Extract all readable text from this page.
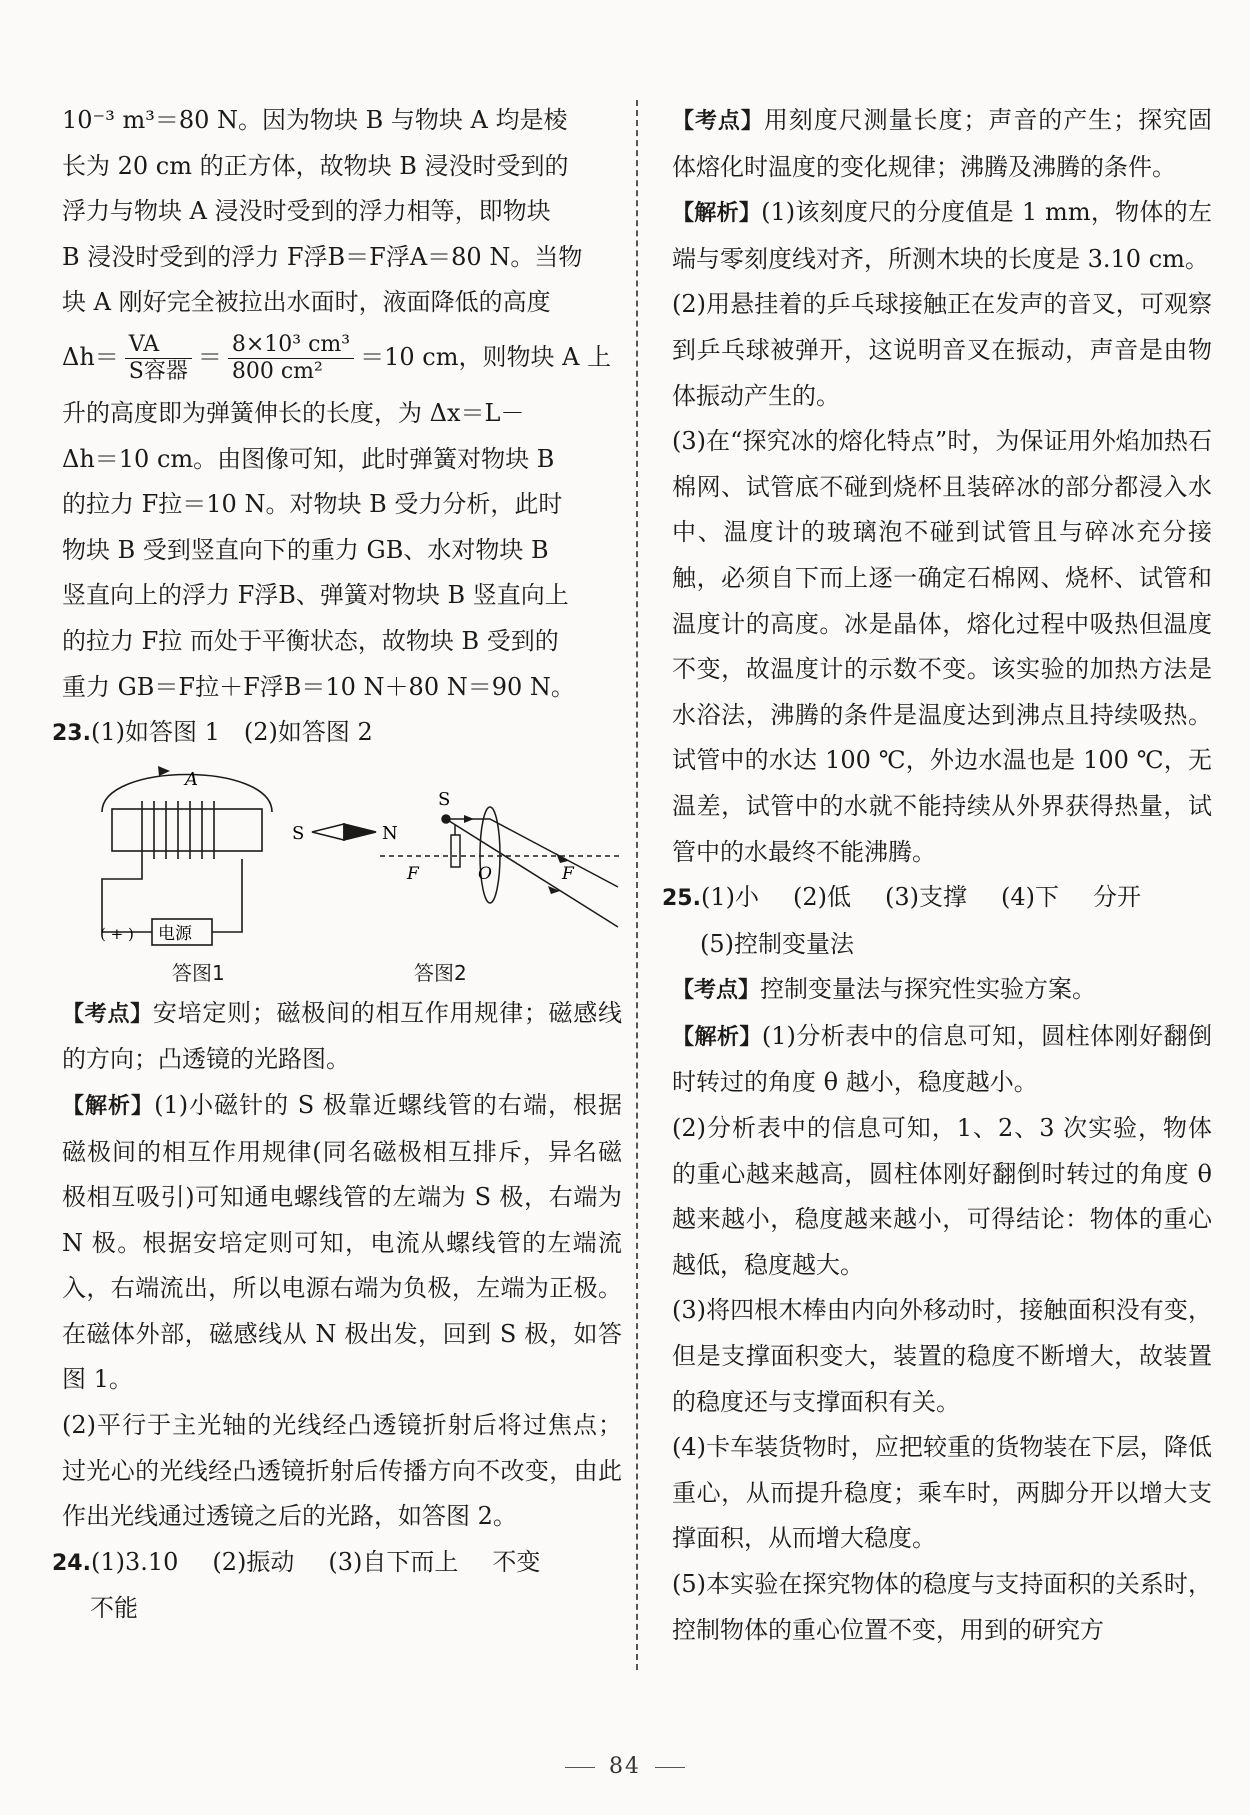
10⁻³ m³＝80 N。因为物块 B 与物块 A 均是棱

长为 20 cm 的正方体，故物块 B 浸没时受到的

浮力与物块 A 浸没时受到的浮力相等，即物块

B 浸没时受到的浮力 F浮B＝F浮A＝80 N。当物

块 A 刚好完全被拉出水面时，液面降低的高度

$\Delta h= \frac{VA}{\text{S容器}} = \frac{\text{8×10³ cm³}}{\text{800 cm²}} =10$ cm，则物块 A 上

升的高度即为弹簧伸长的长度，为 Δx＝L－

Δh＝10 cm。由图像可知，此时弹簧对物块 B

的拉力 F拉＝10 N。对物块 B 受力分析，此时

物块 B 受到竖直向下的重力 GB、水对物块 B

竖直向上的浮力 F浮B、弹簧对物块 B 竖直向上

的拉力 F拉 而处于平衡状态，故物块 B 受到的

重力 GB＝F拉＋F浮B＝10 N＋80 N＝90 N。

23.(1)如答图 1　(2)如答图 2

A
S	N
电源
( + )
S
F	O	F
答图1	答图2

【考点】安培定则；磁极间的相互作用规律；磁感线的方向；凸透镜的光路图。

【解析】(1)小磁针的 S 极靠近螺线管的右端，根据磁极间的相互作用规律(同名磁极相互排斥，异名磁极相互吸引)可知通电螺线管的左端为 S 极，右端为 N 极。根据安培定则可知，电流从螺线管的左端流入，右端流出，所以电源右端为负极，左端为正极。在磁体外部，磁感线从 N 极出发，回到 S 极，如答图 1。

(2)平行于主光轴的光线经凸透镜折射后将过焦点；过光心的光线经凸透镜折射后传播方向不改变，由此作出光线通过透镜之后的光路，如答图 2。

24.(1)3.10 (2)振动 (3)自下而上 不变

不能

【考点】用刻度尺测量长度；声音的产生；探究固体熔化时温度的变化规律；沸腾及沸腾的条件。

【解析】(1)该刻度尺的分度值是 1 mm，物体的左端与零刻度线对齐，所测木块的长度是 3.10 cm。

(2)用悬挂着的乒乓球接触正在发声的音叉，可观察到乒乓球被弹开，这说明音叉在振动，声音是由物体振动产生的。

(3)在“探究冰的熔化特点”时，为保证用外焰加热石棉网、试管底不碰到烧杯且装碎冰的部分都浸入水中、温度计的玻璃泡不碰到试管且与碎冰充分接触，必须自下而上逐一确定石棉网、烧杯、试管和温度计的高度。冰是晶体，熔化过程中吸热但温度不变，故温度计的示数不变。该实验的加热方法是水浴法，沸腾的条件是温度达到沸点且持续吸热。试管中的水达 100 ℃，外边水温也是 100 ℃，无温差，试管中的水就不能持续从外界获得热量，试管中的水最终不能沸腾。

25.(1)小 (2)低 (3)支撑 (4)下 分开

(5)控制变量法

【考点】控制变量法与探究性实验方案。

【解析】(1)分析表中的信息可知，圆柱体刚好翻倒时转过的角度 θ 越小，稳度越小。

(2)分析表中的信息可知，1、2、3 次实验，物体的重心越来越高，圆柱体刚好翻倒时转过的角度 θ 越来越小，稳度越来越小，可得结论：物体的重心越低，稳度越大。

(3)将四根木棒由内向外移动时，接触面积没有变，但是支撑面积变大，装置的稳度不断增大，故装置的稳度还与支撑面积有关。

(4)卡车装货物时，应把较重的货物装在下层，降低重心，从而提升稳度；乘车时，两脚分开以增大支撑面积，从而增大稳度。

(5)本实验在探究物体的稳度与支持面积的关系时，控制物体的重心位置不变，用到的研究方

84
